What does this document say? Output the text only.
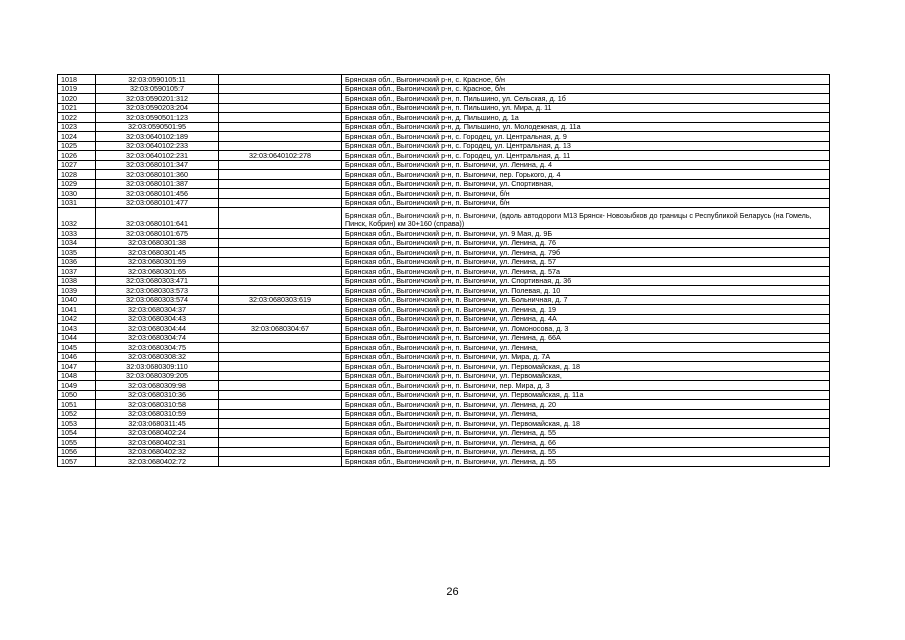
1018	32:03:0590105:11		Брянская обл., Выгоничский р-н, с. Красное, б/н
1019	32:03:0590105:7		Брянская обл., Выгоничский р-н, с. Красное, б/н
1020	32:03:0590201:312		Брянская обл., Выгоничский р-н, п. Пильшино, ул. Сельская, д. 1б
1021	32:03:0590203:204		Брянская обл., Выгоничский р-н, п. Пильшино, ул. Мира, д. 11
1022	32:03:0590501:123		Брянская обл., Выгоничский р-н, д. Пильшино, д. 1а
1023	32:03:0590501:95		Брянская обл., Выгоничский р-н, д. Пильшино, ул. Молодежная, д. 11а
1024	32:03:0640102:189		Брянская обл., Выгоничский р-н, с. Городец, ул. Центральная, д. 9
1025	32:03:0640102:233		Брянская обл., Выгоничский р-н, с. Городец, ул. Центральная, д. 13
1026	32:03:0640102:231	32:03:0640102:278	Брянская обл., Выгоничский р-н, с. Городец, ул. Центральная, д. 11
1027	32:03:0680101:347		Брянская обл., Выгоничский р-н, п. Выгоничи, ул. Ленина, д. 4
1028	32:03:0680101:360		Брянская обл., Выгоничский р-н, п. Выгоничи, пер. Горького, д. 4
1029	32:03:0680101:387		Брянская обл., Выгоничский р-н, п. Выгоничи, ул. Спортивная,
1030	32:03:0680101:456		Брянская обл., Выгоничский р-н, п. Выгоничи, б/н
1031	32:03:0680101:477		Брянская обл., Выгоничский р-н, п. Выгоничи, б/н
1032	32:03:0680101:641		Брянская обл., Выгоничский р-н, п. Выгоничи, (вдоль автодороги М13 Брянск- Новозыбков до границы с Республикой Беларусь (на Гомель, Пинск, Кобрин) км 30+160 (справа))
1033	32:03:0680101:675		Брянская обл., Выгоничский р-н, п. Выгоничи, ул. 9 Мая, д. 9Б
1034	32:03:0680301:38		Брянская обл., Выгоничский р-н, п. Выгоничи, ул. Ленина, д. 76
1035	32:03:0680301:45		Брянская обл., Выгоничский р-н, п. Выгоничи, ул. Ленина, д. 79б
1036	32:03:0680301:59		Брянская обл., Выгоничский р-н, п. Выгоничи, ул. Ленина, д. 57
1037	32:03:0680301:65		Брянская обл., Выгоничский р-н, п. Выгоничи, ул. Ленина, д. 57а
1038	32:03:0680303:471		Брянская обл., Выгоничский р-н, п. Выгоничи, ул. Спортивная, д. 36
1039	32:03:0680303:573		Брянская обл., Выгоничский р-н, п. Выгоничи, ул. Полевая, д. 10
1040	32:03:0680303:574	32:03:0680303:619	Брянская обл., Выгоничский р-н, п. Выгоничи, ул. Больничная, д. 7
1041	32:03:0680304:37		Брянская обл., Выгоничский р-н, п. Выгоничи, ул. Ленина, д. 19
1042	32:03:0680304:43		Брянская обл., Выгоничский р-н, п. Выгоничи, ул. Ленина, д. 4А
1043	32:03:0680304:44	32:03:0680304:67	Брянская обл., Выгоничский р-н, п. Выгоничи, ул. Ломоносова, д. 3
1044	32:03:0680304:74		Брянская обл., Выгоничский р-н, п. Выгоничи, ул. Ленина, д. 66А
1045	32:03:0680304:75		Брянская обл., Выгоничский р-н, п. Выгоничи, ул. Ленина,
1046	32:03:0680308:32		Брянская обл., Выгоничский р-н, п. Выгоничи, ул. Мира, д. 7А
1047	32:03:0680309:110		Брянская обл., Выгоничский р-н, п. Выгоничи, ул. Первомайская, д. 18
1048	32:03:0680309:205		Брянская обл., Выгоничский р-н, п. Выгоничи, ул. Первомайская,
1049	32:03:0680309:98		Брянская обл., Выгоничский р-н, п. Выгоничи, пер. Мира, д. 3
1050	32:03:0680310:36		Брянская обл., Выгоничский р-н, п. Выгоничи, ул. Первомайская, д. 11а
1051	32:03:0680310:58		Брянская обл., Выгоничский р-н, п. Выгоничи, ул. Ленина, д. 20
1052	32:03:0680310:59		Брянская обл., Выгоничский р-н, п. Выгоничи, ул. Ленина,
1053	32:03:0680311:45		Брянская обл., Выгоничский р-н, п. Выгоничи, ул. Первомайская, д. 18
1054	32:03:0680402:24		Брянская обл., Выгоничский р-н, п. Выгоничи, ул. Ленина, д. 55
1055	32:03:0680402:31		Брянская обл., Выгоничский р-н, п. Выгоничи, ул. Ленина, д. 66
1056	32:03:0680402:32		Брянская обл., Выгоничский р-н, п. Выгоничи, ул. Ленина, д. 55
1057	32:03:0680402:72		Брянская обл., Выгоничский р-н, п. Выгоничи, ул. Ленина, д. 55
26
